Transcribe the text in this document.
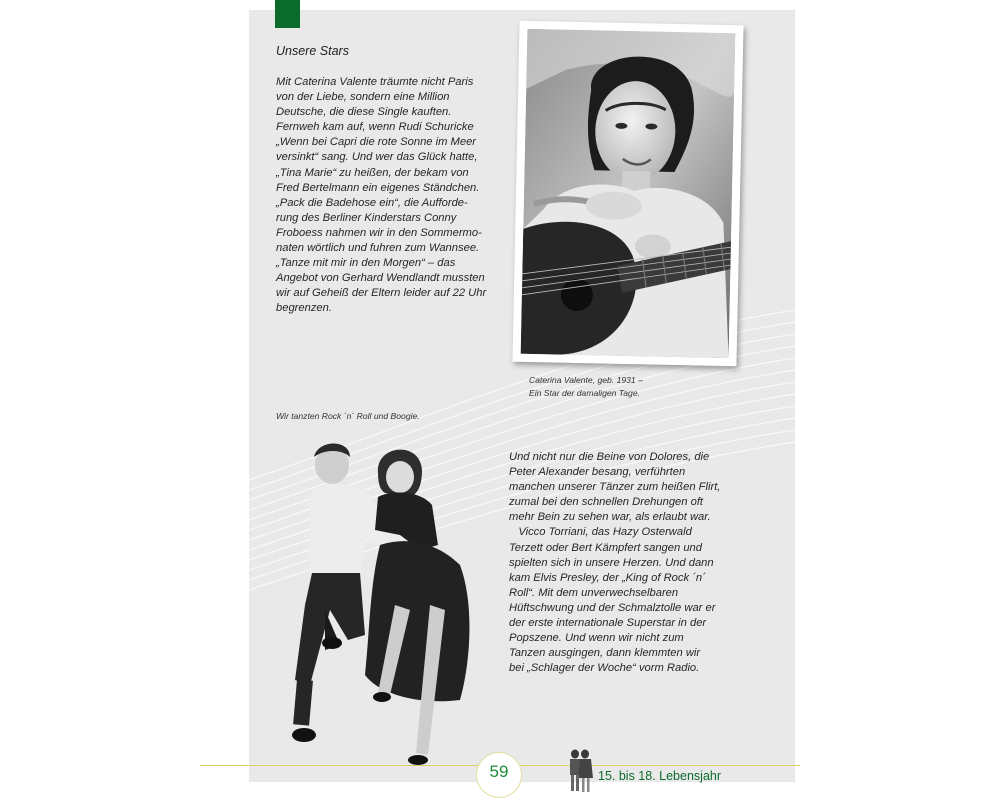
Unsere Stars
Mit Caterina Valente träumte nicht Paris
von der Liebe, sondern eine Million
Deutsche, die diese Single kauften.
Fernweh kam auf, wenn Rudi Schuricke
„Wenn bei Capri die rote Sonne im Meer
versinkt“ sang. Und wer das Glück hatte,
„Tina Marie“ zu heißen, der bekam von
Fred Bertelmann ein eigenes Ständchen.
„Pack die Badehose ein“, die Aufforde-
rung des Berliner Kinderstars Conny
Froboess nahmen wir in den Sommermo-
naten wörtlich und fuhren zum Wannsee.
„Tanze mit mir in den Morgen“ – das
Angebot von Gerhard Wendlandt mussten
wir auf Geheiß der Eltern leider auf 22 Uhr
begrenzen.
Caterina Valente, geb. 1931 –
Ein Star der damaligen Tage.
Wir tanzten Rock ´n´ Roll und Boogie.
Und nicht nur die Beine von Dolores, die
Peter Alexander besang, verführten
manchen unserer Tänzer zum heißen Flirt,
zumal bei den schnellen Drehungen oft
mehr Bein zu sehen war, als erlaubt war.
Vicco Torriani, das Hazy Osterwald
Terzett oder Bert Kämpfert sangen und
spielten sich in unsere Herzen. Und dann
kam Elvis Presley, der „King of Rock ´n´
Roll“. Mit dem unverwechselbaren
Hüftschwung und der Schmalztolle war er
der erste internationale Superstar in der
Popszene. Und wenn wir nicht zum
Tanzen ausgingen, dann klemmten wir
bei „Schlager der Woche“ vorm Radio.
59	15. bis 18. Lebensjahr
